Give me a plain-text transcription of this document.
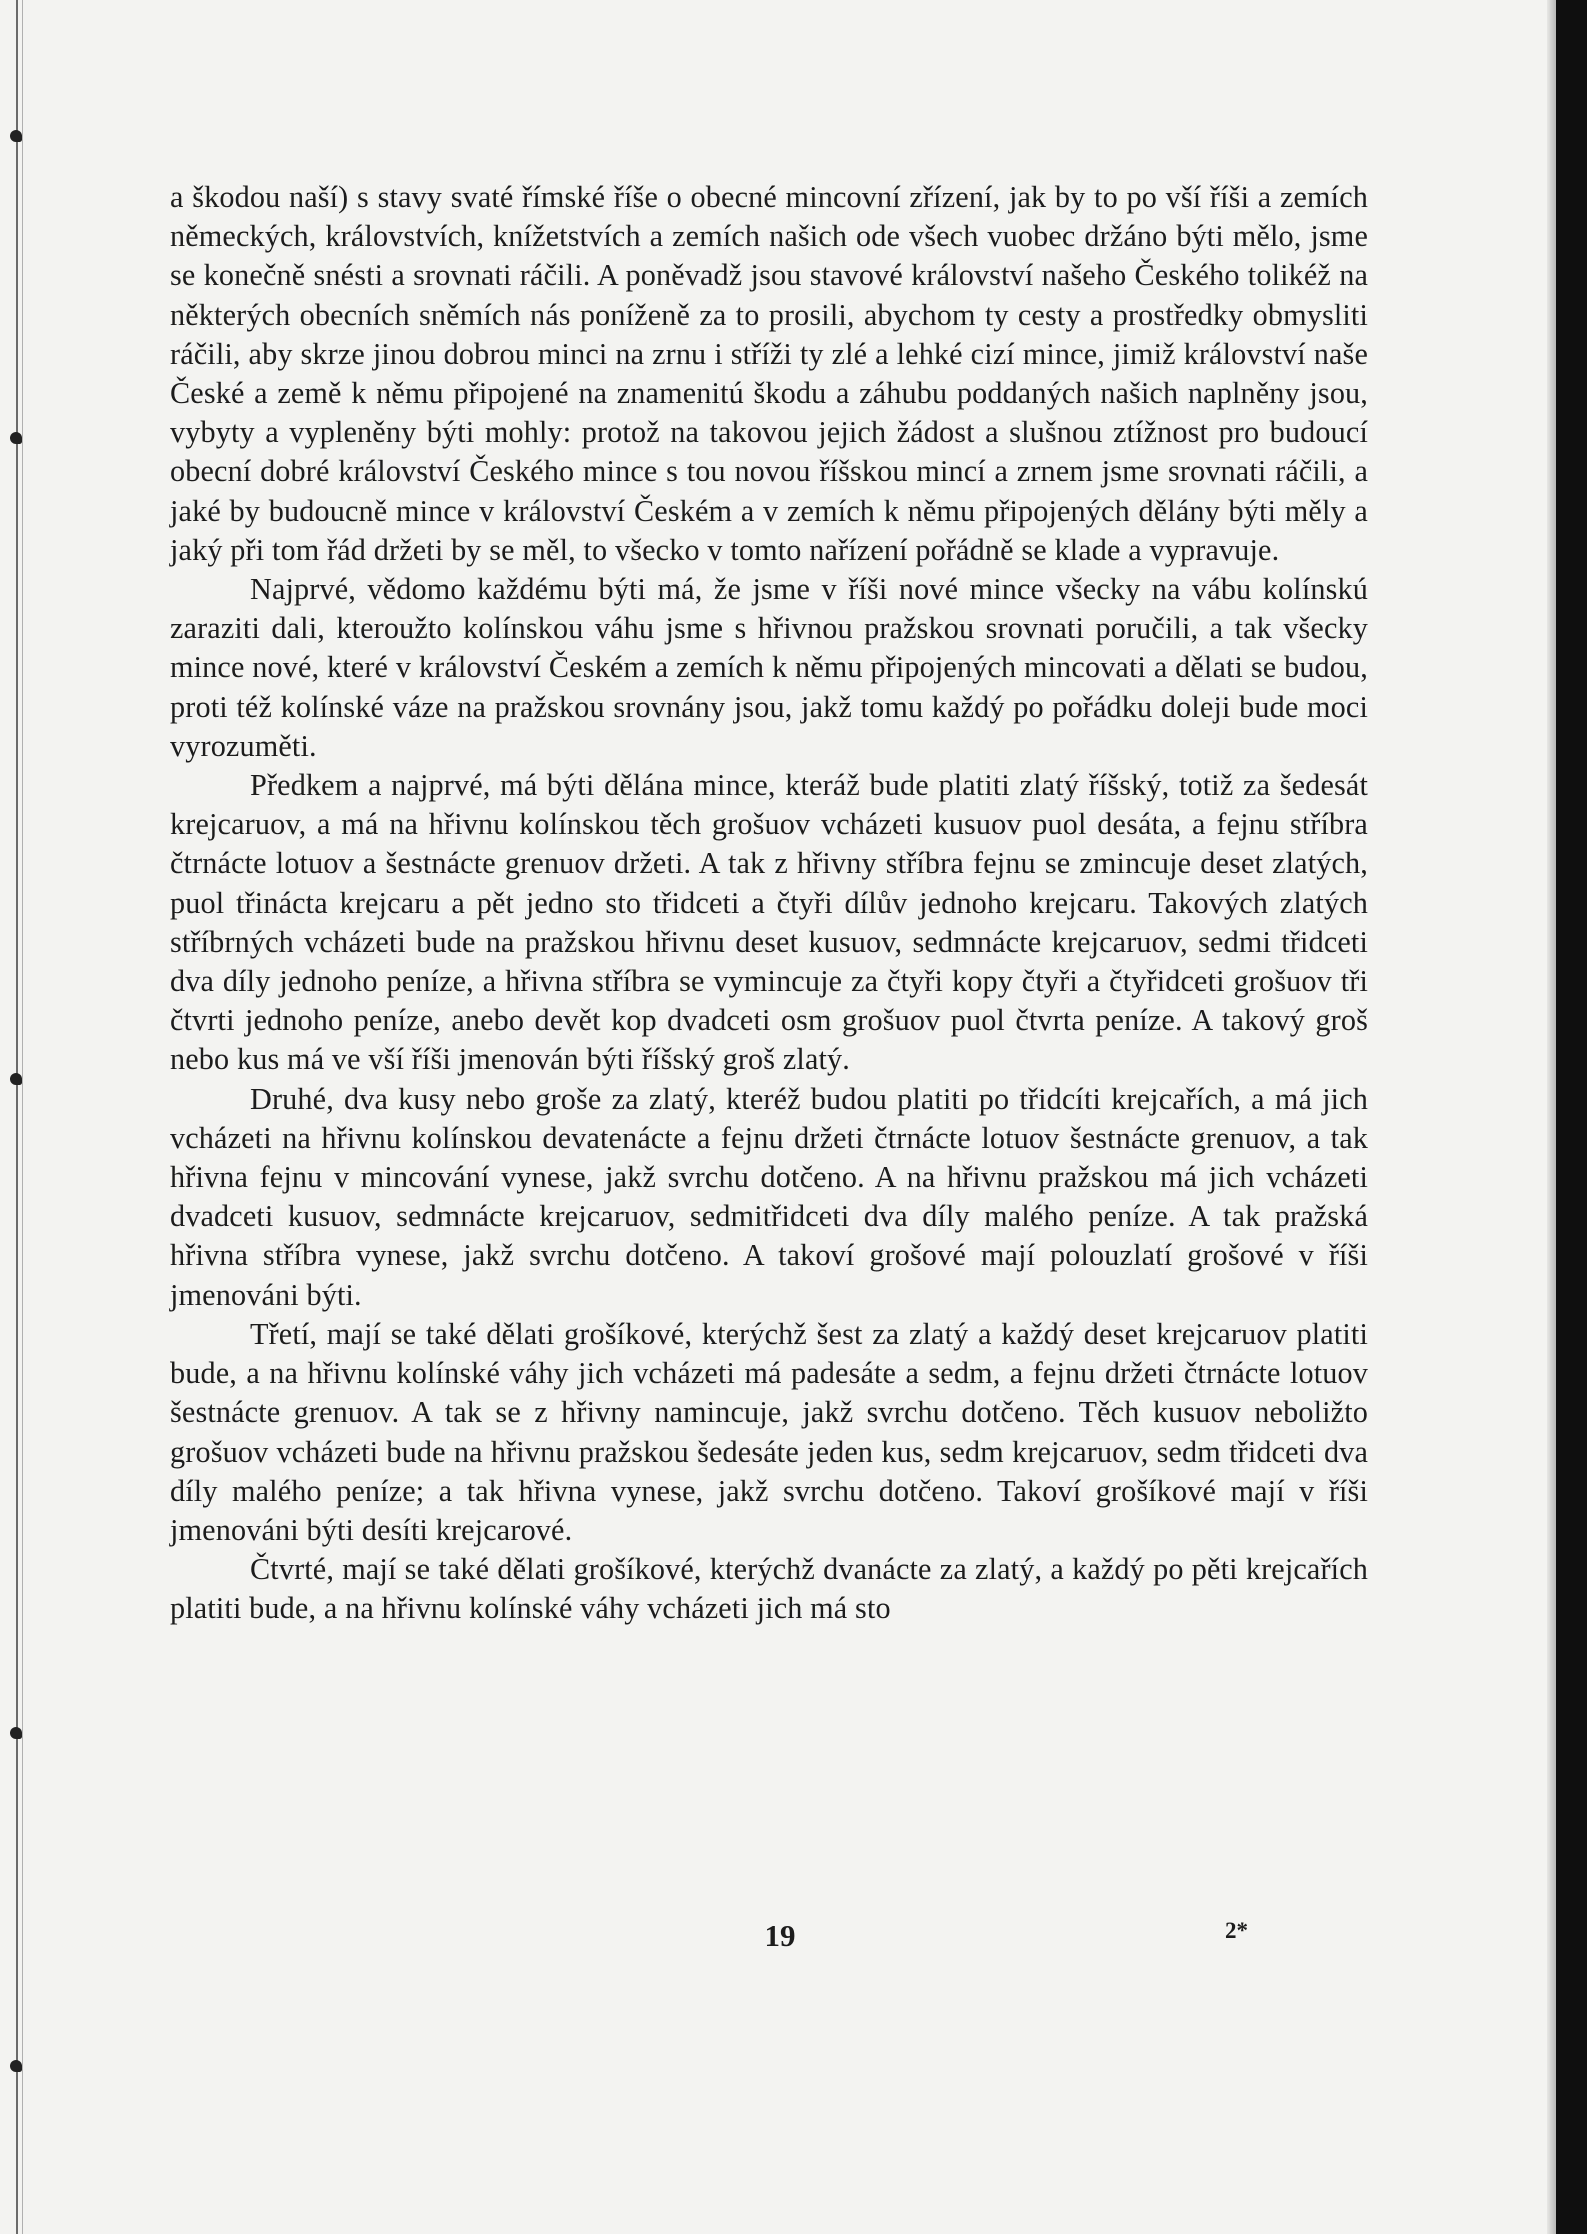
a škodou naší) s stavy svaté římské říše o obecné mincovní zřízení, jak by to po vší říši a zemích německých, královstvích, knížetstvích a zemích našich ode všech vuobec držáno býti mělo, jsme se konečně snésti a srovnati ráčili. A poněvadž jsou stavové království našeho Českého tolikéž na některých obecních sněmích nás poníženě za to prosili, abychom ty cesty a prostředky obmysliti ráčili, aby skrze jinou dobrou minci na zrnu i stříži ty zlé a lehké cizí mince, jimiž království naše České a země k němu připojené na znamenitú škodu a záhubu poddaných našich naplněny jsou, vybyty a vypleněny býti mohly: protož na takovou jejich žádost a slušnou ztížnost pro budoucí obecní dobré království Českého mince s tou novou říšskou mincí a zrnem jsme srovnati ráčili, a jaké by budoucně mince v království Českém a v zemích k němu připojených dělány býti měly a jaký při tom řád držeti by se měl, to všecko v tomto nařízení pořádně se klade a vypravuje.

Najprvé, vědomo každému býti má, že jsme v říši nové mince všecky na vábu kolínskú zaraziti dali, kteroužto kolínskou váhu jsme s hřivnou pražskou srovnati poručili, a tak všecky mince nové, které v království Českém a zemích k němu připojených mincovati a dělati se budou, proti též kolínské váze na pražskou srovnány jsou, jakž tomu každý po pořádku doleji bude moci vyrozuměti.

Předkem a najprvé, má býti dělána mince, kteráž bude platiti zlatý říšský, totiž za šedesát krejcaruov, a má na hřivnu kolínskou těch grošuov vcházeti kusuov puol desáta, a fejnu stříbra čtrnácte lotuov a šestnácte grenuov držeti. A tak z hřivny stříbra fejnu se zmincuje deset zlatých, puol třinácta krejcaru a pět jedno sto třidceti a čtyři dílův jednoho krejcaru. Takových zlatých stříbrných vcházeti bude na pražskou hřivnu deset kusuov, sedmnácte krejcaruov, sedmi třidceti dva díly jednoho peníze, a hřivna stříbra se vymincuje za čtyři kopy čtyři a čtyřidceti grošuov tři čtvrti jednoho peníze, anebo devět kop dvadceti osm grošuov puol čtvrta peníze. A takový groš nebo kus má ve vší říši jmenován býti říšský groš zlatý.

Druhé, dva kusy nebo groše za zlatý, kteréž budou platiti po třidcíti krejcařích, a má jich vcházeti na hřivnu kolínskou devatenácte a fejnu držeti čtrnácte lotuov šestnácte grenuov, a tak hřivna fejnu v mincování vynese, jakž svrchu dotčeno. A na hřivnu pražskou má jich vcházeti dvadceti kusuov, sedmnácte krejcaruov, sedmitřidceti dva díly malého peníze. A tak pražská hřivna stříbra vynese, jakž svrchu dotčeno. A takoví grošové mají polouzlatí grošové v říši jmenováni býti.

Třetí, mají se také dělati grošíkové, kterýchž šest za zlatý a každý deset krejcaruov platiti bude, a na hřivnu kolínské váhy jich vcházeti má padesáte a sedm, a fejnu držeti čtrnácte lotuov šestnácte grenuov. A tak se z hřivny namincuje, jakž svrchu dotčeno. Těch kusuov neboližto grošuov vcházeti bude na hřivnu pražskou šedesáte jeden kus, sedm krejcaruov, sedm třidceti dva díly malého peníze; a tak hřivna vynese, jakž svrchu dotčeno. Takoví grošíkové mají v říši jmenováni býti desíti krejcarové.

Čtvrté, mají se také dělati grošíkové, kterýchž dvanácte za zlatý, a každý po pěti krejcařích platiti bude, a na hřivnu kolínské váhy vcházeti jich má sto

19	2*
